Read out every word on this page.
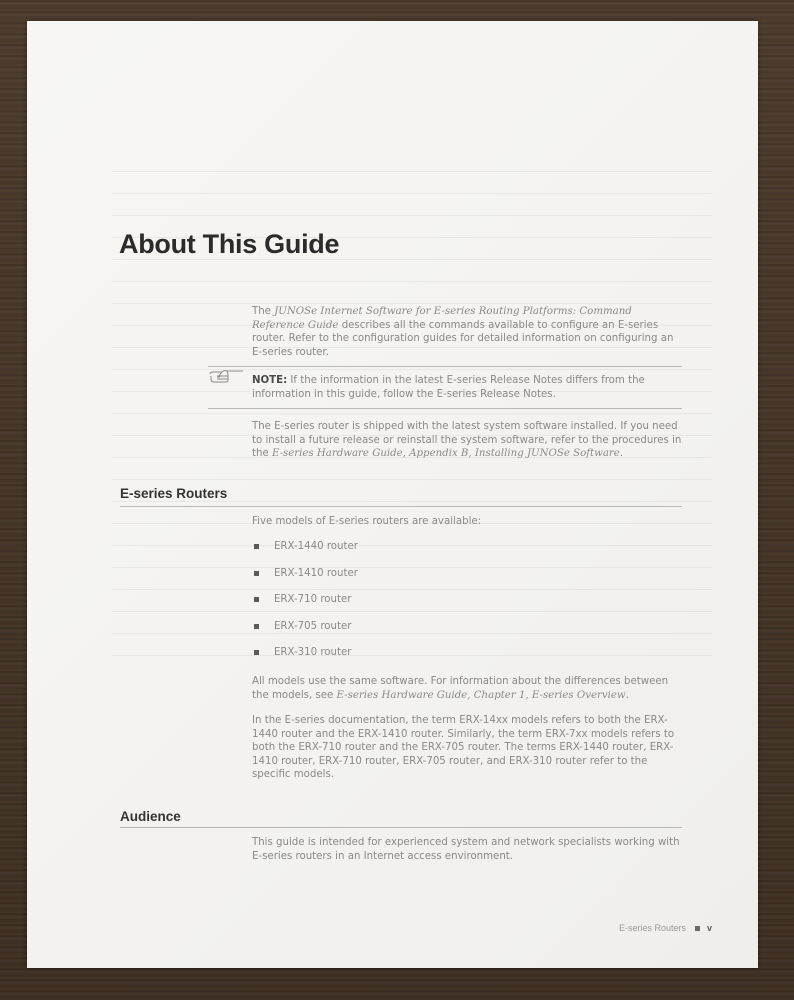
About This Guide

The JUNOSe Internet Software for E-series Routing Platforms: Command Reference Guide describes all the commands available to configure an E-series router. Refer to the configuration guides for detailed information on configuring an E-series router.

NOTE: If the information in the latest E-series Release Notes differs from the information in this guide, follow the E-series Release Notes.

The E-series router is shipped with the latest system software installed. If you need to install a future release or reinstall the system software, refer to the procedures in the E-series Hardware Guide, Appendix B, Installing JUNOSe Software.

E-series Routers

Five models of E-series routers are available:

ERX-1440 router
ERX-1410 router
ERX-710 router
ERX-705 router
ERX-310 router

All models use the same software. For information about the differences between the models, see E-series Hardware Guide, Chapter 1, E-series Overview.

In the E-series documentation, the term ERX-14xx models refers to both the ERX-1440 router and the ERX-1410 router. Similarly, the term ERX-7xx models refers to both the ERX-710 router and the ERX-705 router. The terms ERX-1440 router, ERX-1410 router, ERX-710 router, ERX-705 router, and ERX-310 router refer to the specific models.

Audience

This guide is intended for experienced system and network specialists working with E-series routers in an Internet access environment.

E-series Routers v
